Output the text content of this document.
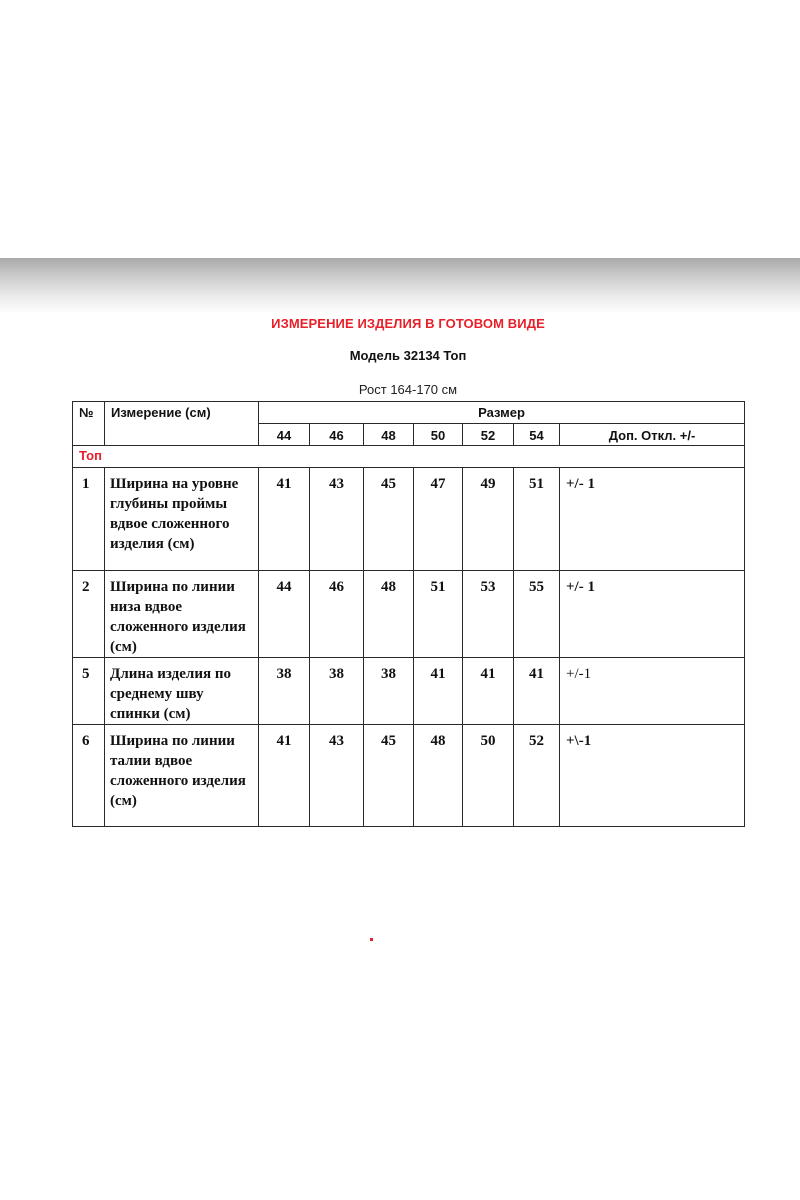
ИЗМЕРЕНИЕ ИЗДЕЛИЯ В ГОТОВОМ ВИДЕ
Модель 32134 Топ
Рост 164-170 см
№	Измерение (см)	Размер						
		44	46	48	50	52	54	Доп. Откл. +/-
Топ								
1	Ширина на уровне глубины проймы вдвое сложенного изделия (см)	41	43	45	47	49	51	+/- 1
2	Ширина по линии низа вдвое сложенного изделия (см)	44	46	48	51	53	55	+/- 1
5	Длина изделия по среднему шву спинки (см)	38	38	38	41	41	41	+/-1
6	Ширина по линии талии вдвое сложенного изделия (см)	41	43	45	48	50	52	+\-1
